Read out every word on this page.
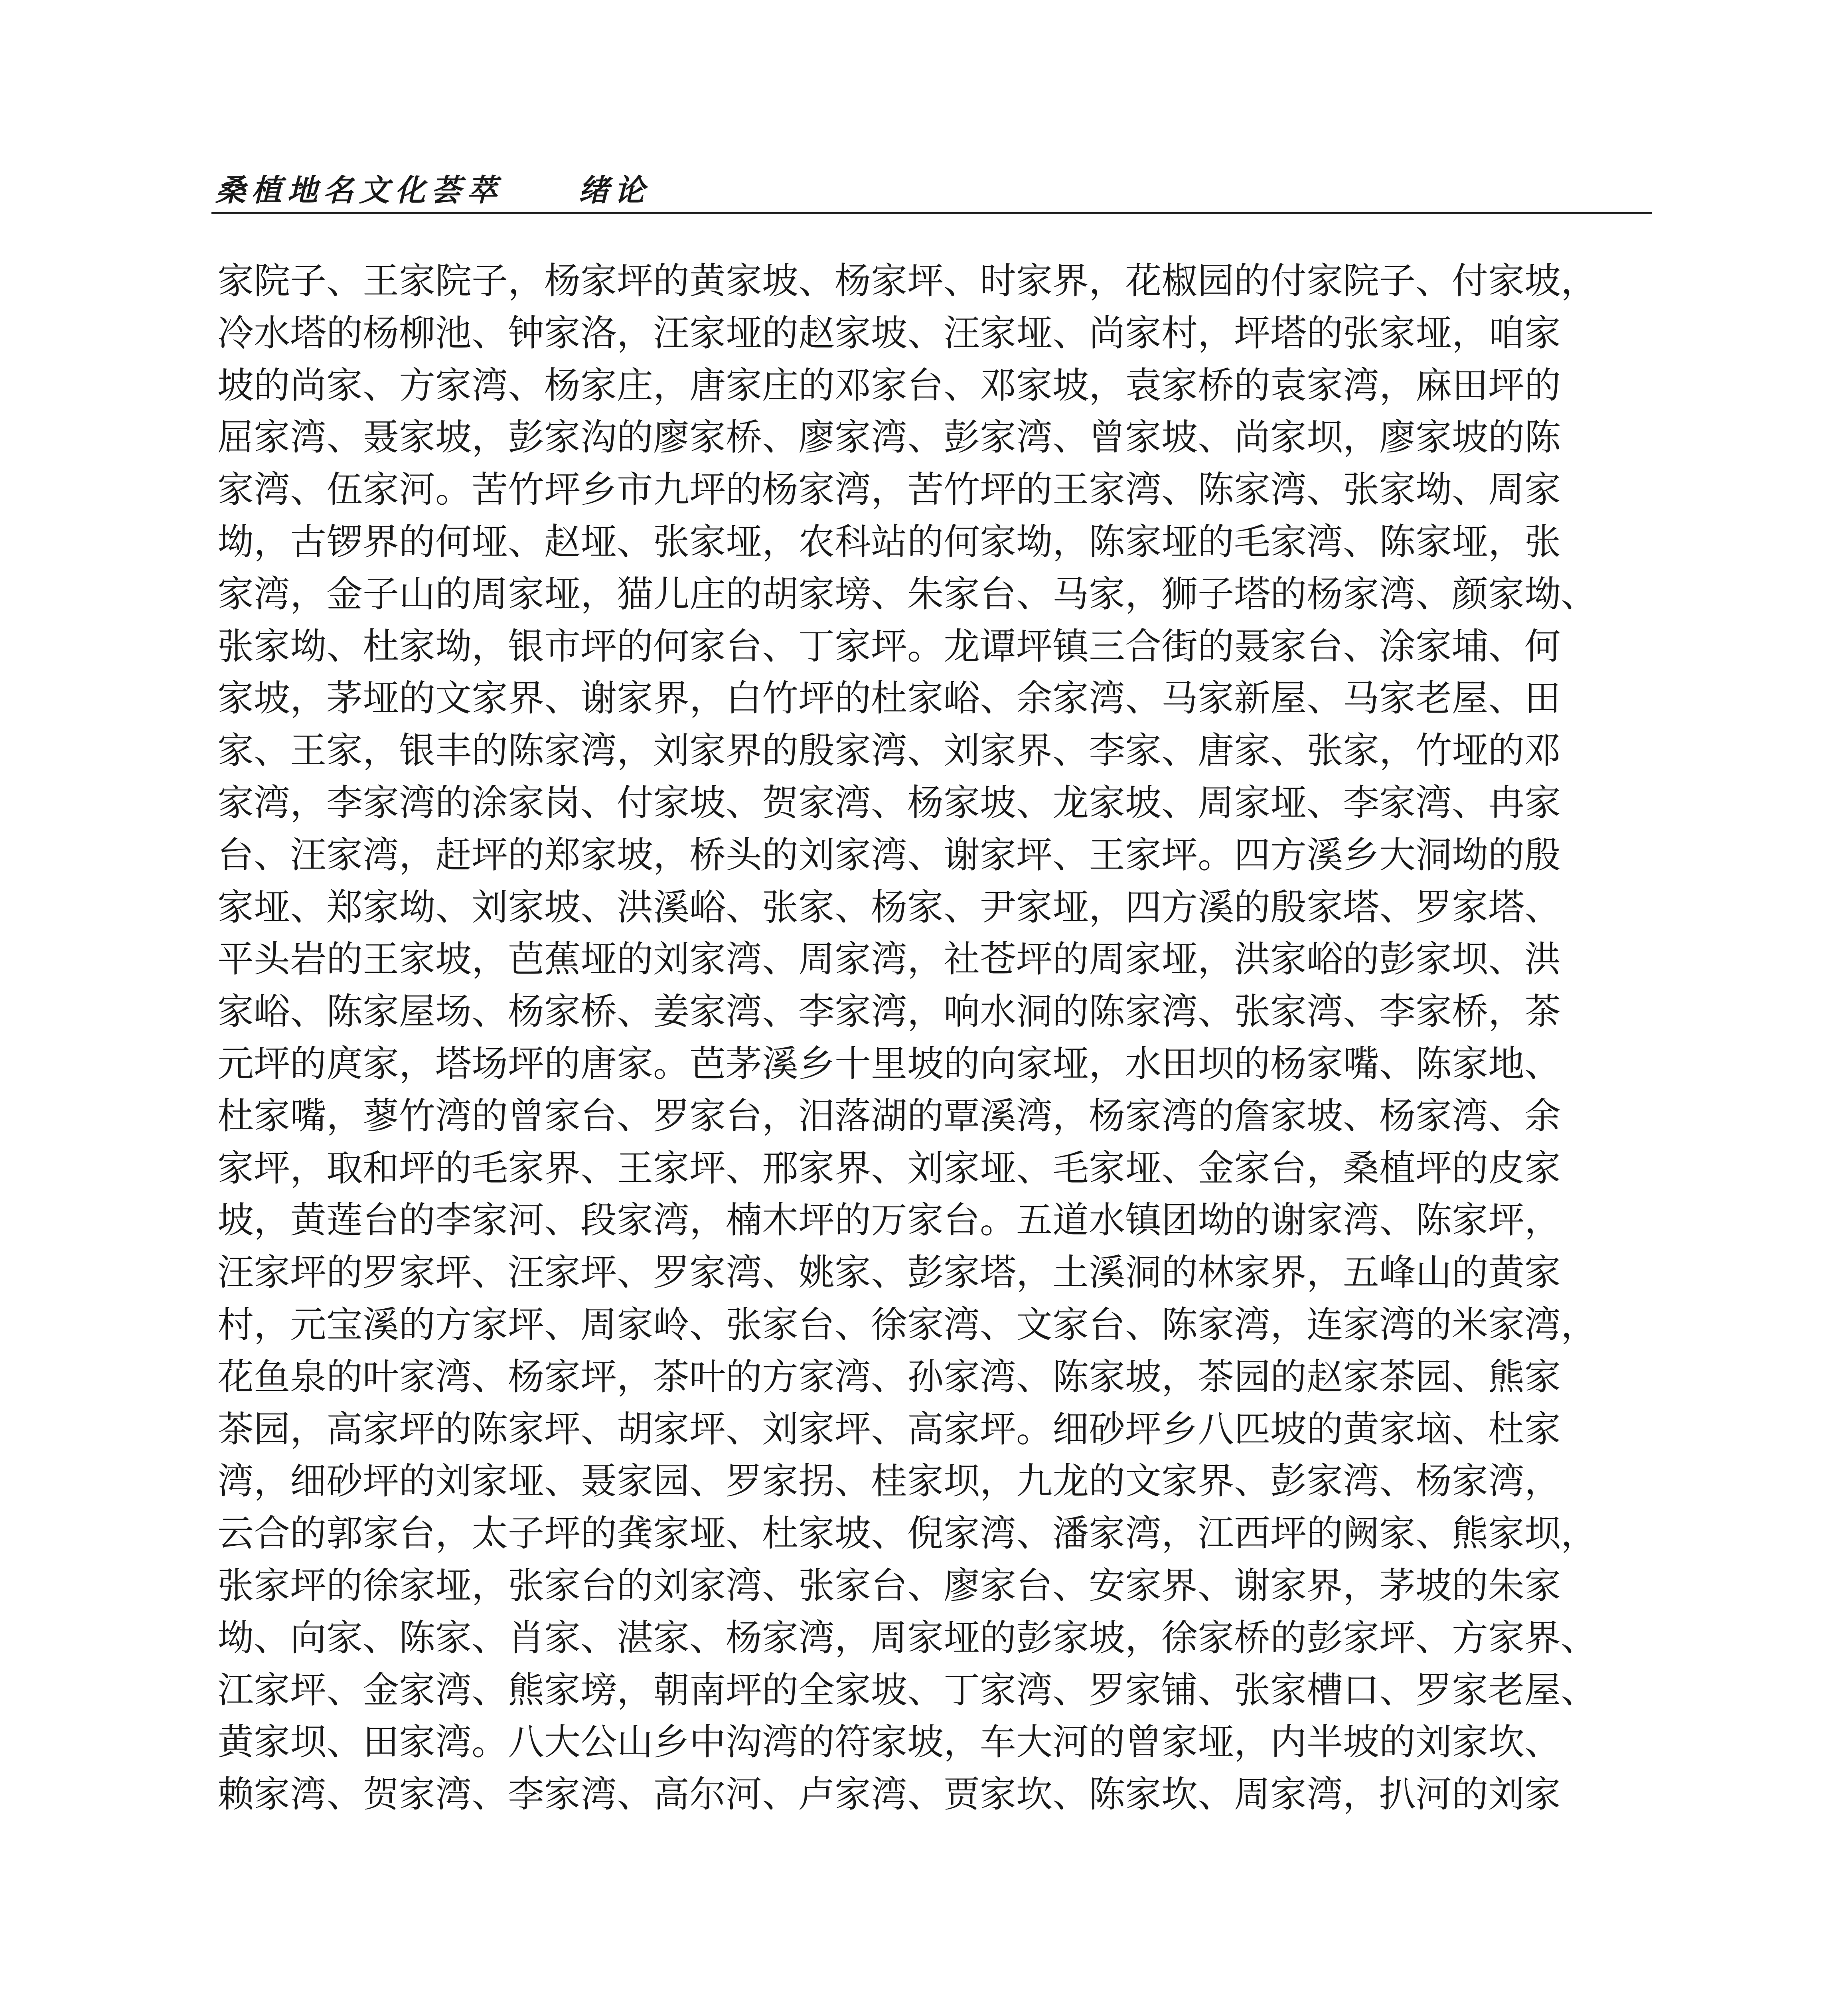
桑植地名文化荟萃	绪论
家院子、王家院子，杨家坪的黄家坡、杨家坪、时家界，花椒园的付家院子、付家坡，
冷水塔的杨柳池、钟家洛，汪家垭的赵家坡、汪家垭、尚家村，坪塔的张家垭，咱家
坡的尚家、方家湾、杨家庄，唐家庄的邓家台、邓家坡，袁家桥的袁家湾，麻田坪的
屈家湾、聂家坡，彭家沟的廖家桥、廖家湾、彭家湾、曾家坡、尚家坝，廖家坡的陈
家湾、伍家河。苦竹坪乡市九坪的杨家湾，苦竹坪的王家湾、陈家湾、张家坳、周家
坳，古锣界的何垭、赵垭、张家垭，农科站的何家坳，陈家垭的毛家湾、陈家垭，张
家湾，金子山的周家垭，猫儿庄的胡家塝、朱家台、马家，狮子塔的杨家湾、颜家坳、
张家坳、杜家坳，银市坪的何家台、丁家坪。龙谭坪镇三合街的聂家台、涂家埔、何
家坡，茅垭的文家界、谢家界，白竹坪的杜家峪、余家湾、马家新屋、马家老屋、田
家、王家，银丰的陈家湾，刘家界的殷家湾、刘家界、李家、唐家、张家，竹垭的邓
家湾，李家湾的涂家岗、付家坡、贺家湾、杨家坡、龙家坡、周家垭、李家湾、冉家
台、汪家湾，赶坪的郑家坡，桥头的刘家湾、谢家坪、王家坪。四方溪乡大洞坳的殷
家垭、郑家坳、刘家坡、洪溪峪、张家、杨家、尹家垭，四方溪的殷家塔、罗家塔、
平头岩的王家坡，芭蕉垭的刘家湾、周家湾，社苍坪的周家垭，洪家峪的彭家坝、洪
家峪、陈家屋场、杨家桥、姜家湾、李家湾，响水洞的陈家湾、张家湾、李家桥，茶
元坪的庹家，塔场坪的唐家。芭茅溪乡十里坡的向家垭，水田坝的杨家嘴、陈家地、
杜家嘴，蓼竹湾的曾家台、罗家台，汨落湖的覃溪湾，杨家湾的詹家坡、杨家湾、余
家坪，取和坪的毛家界、王家坪、邢家界、刘家垭、毛家垭、金家台，桑植坪的皮家
坡，黄莲台的李家河、段家湾，楠木坪的万家台。五道水镇团坳的谢家湾、陈家坪，
汪家坪的罗家坪、汪家坪、罗家湾、姚家、彭家塔，土溪洞的林家界，五峰山的黄家
村，元宝溪的方家坪、周家岭、张家台、徐家湾、文家台、陈家湾，连家湾的米家湾，
花鱼泉的叶家湾、杨家坪，茶叶的方家湾、孙家湾、陈家坡，茶园的赵家茶园、熊家
茶园，高家坪的陈家坪、胡家坪、刘家坪、高家坪。细砂坪乡八匹坡的黄家垴、杜家
湾，细砂坪的刘家垭、聂家园、罗家拐、桂家坝，九龙的文家界、彭家湾、杨家湾，
云合的郭家台，太子坪的龚家垭、杜家坡、倪家湾、潘家湾，江西坪的阙家、熊家坝，
张家坪的徐家垭，张家台的刘家湾、张家台、廖家台、安家界、谢家界，茅坡的朱家
坳、向家、陈家、肖家、湛家、杨家湾，周家垭的彭家坡，徐家桥的彭家坪、方家界、
江家坪、金家湾、熊家塝，朝南坪的全家坡、丁家湾、罗家铺、张家槽口、罗家老屋、
黄家坝、田家湾。八大公山乡中沟湾的符家坡，车大河的曾家垭，内半坡的刘家坎、
赖家湾、贺家湾、李家湾、高尔河、卢家湾、贾家坎、陈家坎、周家湾，扒河的刘家
